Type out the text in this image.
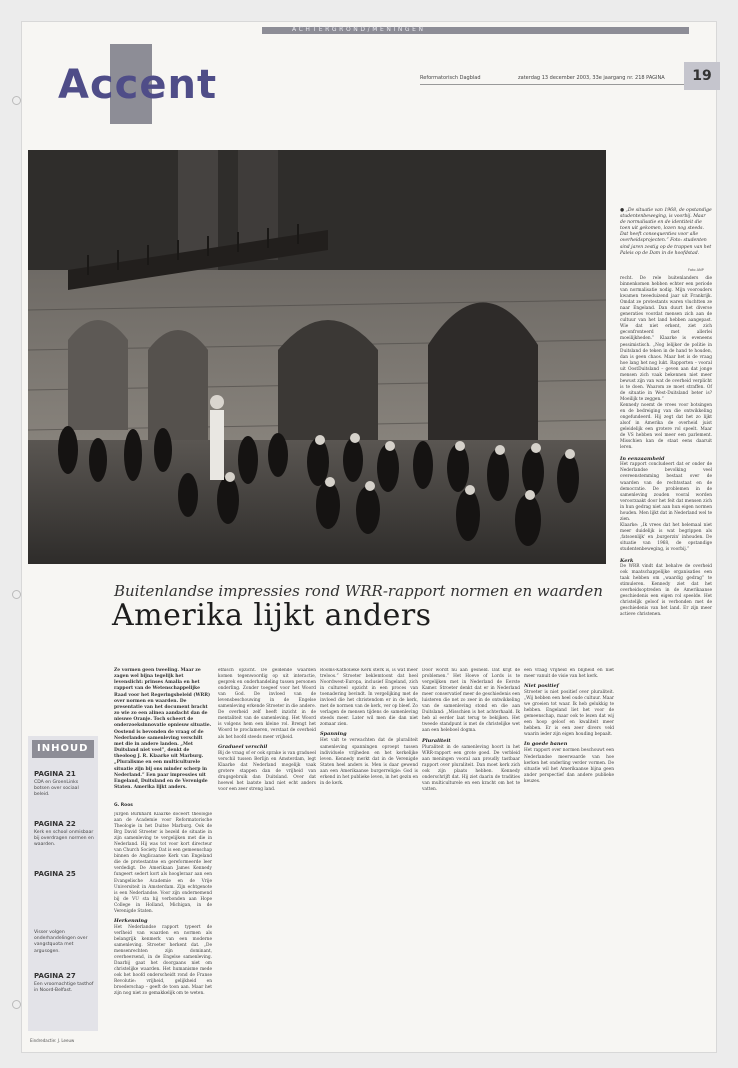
ACHTERGROND/MENINGEN
Accent	Reformatorisch Dagblad	zaterdag 13 december 2003, 33e jaargang nr. 218 PAGINA	19
● „De situatie van 1968, de opstandige studentenbeweging, is voorbij. Maar de normalisatie en de identiteit die toen uit gekomen, lozen nog steeds. Dat heeft consequenties voor alle overheidsprojecten.” Foto: studenten sind jaren zestig op de trappen van het Paleis op de Dam in de hoofdstad.
Foto ANP

recht. De rele buitenlanders die binnenkomen hebben echter een periode van normalisatie nodig. Mijn voorouders kwamen tweeduizend jaar uit Frankrijk. Omdat ze protestants waren vluchtten ze naar Engeland. Dan duurt het diverse generaties voordat mensen zich aan de cultuur van het land hebben aangepast. Wie dat niet erkent, ziet zich geconfronteerd met allerlei moeilijkheden.” Klaarke is eveneens pessimistisch. „Nog lelijker de politie in Duitsland de teken in de hand te houden, dan is geen chaos. Maar het is de vraag hoe lang het nog lukt. Rapporten – vooral uit OostDuitsland – geven aan dat jonge mensen zich vaak bekennen niet meer bewust zijn van wat de overheid verplicht is te doen. Waarom ze moet straffen. Of de situatie in West-Duitsland beter is? Moeilijk te zeggen.”

Kennedy noemt de vrees voor botsingen en de bedreiging van die ontwikkeling ongefundeerd. Hij zegt dat het zo lijkt alsof in Amerika de overheid juist geleidelijk een grotere rol speelt. Maar de VS hebben wel meer een parlement. Misschien kan de staat eens daaruit leren.

In eenzaamheid

Het rapport concludeert dat er onder de Nederlandse bevolking veel overeenstemming bestaat over de waarden van de rechtsstaat en de democratie. De problemen in de samenleving zouden vooral worden veroorzaakt door het feit dat mensen zich in hun gedrag niet aan hun eigen normen houden. Men lijkt dat in Nederland wel te zien.

Klaarke: „Ik vrees dat het helemaal niet meer duidelijk is wat begrippen als ‚fatsoenlijk’ en ‚burgerzin’ inhouden. De situatie van 1968, de opstandige studentenbeweging, is voorbij.”

Kerk

De WRR vindt dat behalve de overheid ook maatschappelijke organisaties een taak hebben om „waardig gedrag” te stimuleren. Kennedy ziet dat het overheidsoptreden in de Amerikaanse geschiedenis een eigen rol speelde. Het christelijk geloof is verbonden met de geschiedenis van het land. Er zijn meer actieve christenen.

Buitenlandse impressies rond WRR-rapport normen en waarden
Amerika lijkt anders
Ze vormen geen tweeling. Maar ze zagen wel bijna tegelijk het levenslicht: prinses Amalia en het rapport van de Wetenschappelijke Raad voor het Regeringsbeleid (WRR) over normen en waarden. De presentatie van het document bracht zo wie zo een alinea aandacht dan de nieuwe Oranje. Toch scheert de onderzoeksinnovatie opnieuw situatie. Oostend is bevonden de vraag of de Nederlandse samenleving verschilt met die in andere landen. „Met Duitsland niet veel”, denkt de theoloog J. R. Klaarke uit Marburg. „Pluralisme en een multiculturele situatie zijn bij ons minder scherp in Nederland.” Een paar impressies uit Engeland, Duitsland en de Verenigde Staten. Amerika lijkt anders.
G. Roos

Jürgen Burkhard Klaarke doceert theologie aan de Academie voor Reformatorische Theologie in het Duitse Marburg. Ook de Brg David Stroeter is bezeld de situatie in zijn samenleving te vergelijken met die in Nederland. Hij was tot voor kort directeur van Church Society. Dat is een gemeenschap binnen de Anglicaanse Kerk van Engeland die de protestantse en gereformeerde leer verdedigt. De Amerikaan James Kennedy fungeert sedert kort als hoogleraar aan een Evangelische Academie en de Vrije Universiteit in Amsterdam. Zijn echtgenote is een Nederlandse. Voor zijn ondernemend bij de VU sta hij verbonden aan Hope College in Holland, Michigan, in de Verenigde Staten.

Herkenning

Het Nederlandse rapport typeert de verlheid van waarden en normen als belangrijk kenmerk van een moderne samenleving. Stroeter herkent dat. „De mensenrechten zijn dominant, overheersend, in de Engelse samenleving. Daarbij gaat het doorgaans niet om christelijke waarden. Het humanisme mede ook het hoofd onderscheidt rond de Franse Revolutie: vrijheid, gelijkheid en broederschap – geeft de toon aan. Maar het zijn nog niet zo gemakkelijk om te weten.

ethisch opzicht. De geldende waarden komen tegenwoordig op uit interactie, gesprek en onderhandeling tussen personen onderling. Zonder toegeef voor het Woord van God. De invloed van de levensbeschouwing in de Engelse samenleving erkende Stroeter in die andere. De overheid zelf heeft inzicht in de mentaliteit van de samenleving. Het Woord is volgens hem een kleine rol. Brengt het Woord te proclameren, verstaat de overheid als het hoofd steeds meer vrijheid.

Gradueel verschil

Bij de vraag of er ook sprake is van gradueel verschil tussen Berlijn en Amsterdam, legt Klaarke dat Nederland mogelijk vaak grotere stappen dan de vrijheid van drugsgebruik dan Duitsland. Over dat hoewel het laatste land niet echt anders voor een zeer streng land.

Rooms-Katholieke Kerk sterk is, is wat meer treloos.” Stroeter beklemtoont dat heel Noordwest-Europa, inclusief Engeland, zich in cultureel opzicht in een proces van toenadering bevindt. In vergelijking met de invloed die het christendom er in de kerk, met de normen van de kerk, ver op bleef. Zo verlagen de mensen tijdens de samenleving steeds meer. Later wil men die dan niet zomaar zien.

Spanning

Het valt te verwachten dat de pluraliteit samenleving spanningen oproept tussen individuele vrijheden en het kerkelijke leven. Kennedy merkt dat in de Verenigde Staten heel anders is. Men is daar gewend aan een Amerikaanse burgerreligie: God is erkend in het publieke leven, in het gezin en in de kerk.

Door wordt nu aan gesneld. Dat krijt de problemen.” Het Hoeve of Lords is te vergelijken met in Nederland de Eerste Kamer. Stroeter denkt dat er in Nederland meer conservatief meer de geschiedenis een luisteren die net zo zeer in de ontwikkeling van de samenleving stond en die aan Duitsland: „Misschien is het achterhaald. Ik heb al eerder laat terug te bekijken. Het tweede standpunt is met de christelijke wet aan een heleboel dogma.

Pluraliteit

Pluraliteit in de samenleving hoort in het WRR-rapport een grote goed. De verbleid aan meningen vooral aan proudly tastbaar rapport over pluraliteit. Dan moet kerk zich ook zijn plaats hebben. Kennedy onderschrijft dat. Hij ziet daarin de tradities van multiculturele en een kracht om het te vatten.

een vraag vrijheid en blijheid en niet meer vanuit de visie van het kerk.

Niet positief

Stroeter is niet positief over pluraliteit. „Wij hebben een heel oude cultuur. Maar we groeien tot waar. Ik heb gelukkig te hebben. Engeland liet het voor de gemeenschap, maar ook te lezen dat wij een hoop geloof en kwaliteit meer hebben. Er is een zeer divers veld waarin ieder zijn eigen houding bepaalt.

In goede banen

Het rapport over normen beschouwt een Nederlandse meerwaarde van hoe kerken het onderling verder vormen. De situatie wil het Amerikaanse bijna geen ander perspectief dan andere publieke keuzes.

INHOUD
PAGINA 21
CDA en GroenLinks botsen over sociaal beleid.
PAGINA 22
Kerk en school onmisbaar bij overdragen normen en waarden.
PAGINA 25
Visser volgen onderhandelingen over vangstquota met argusogen.
PAGINA 27
Een vroomachtige tasthof in Noord-Belfast.
Eindredactie: J. Leeuw
